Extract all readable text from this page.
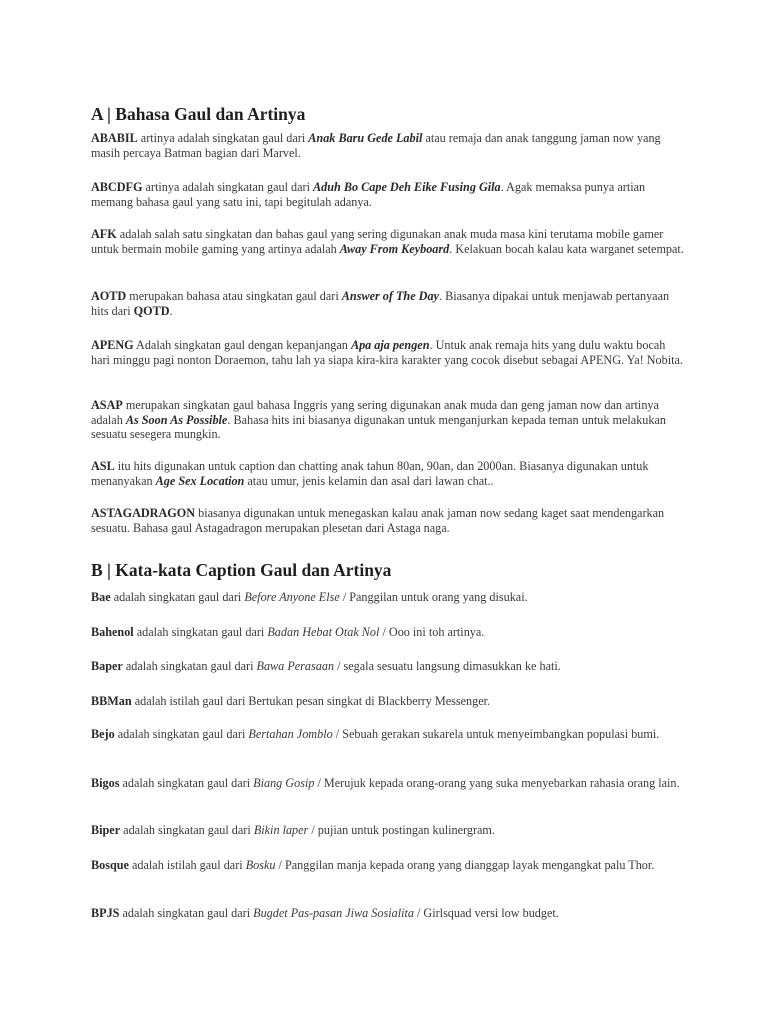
A | Bahasa Gaul dan Artinya

ABABIL artinya adalah singkatan gaul dari Anak Baru Gede Labil atau remaja dan anak tanggung jaman now yang masih percaya Batman bagian dari Marvel.

ABCDFG artinya adalah singkatan gaul dari Aduh Bo Cape Deh Eike Fusing Gila. Agak memaksa punya artian memang bahasa gaul yang satu ini, tapi begitulah adanya.

AFK adalah salah satu singkatan dan bahas gaul yang sering digunakan anak muda masa kini terutama mobile gamer untuk bermain mobile gaming yang artinya adalah Away From Keyboard. Kelakuan bocah kalau kata warganet setempat.

AOTD merupakan bahasa atau singkatan gaul dari Answer of The Day. Biasanya dipakai untuk menjawab pertanyaan hits dari QOTD.

APENG Adalah singkatan gaul dengan kepanjangan Apa aja pengen. Untuk anak remaja hits yang dulu waktu bocah hari minggu pagi nonton Doraemon, tahu lah ya siapa kira-kira karakter yang cocok disebut sebagai APENG. Ya! Nobita.

ASAP merupakan singkatan gaul bahasa Inggris yang sering digunakan anak muda dan geng jaman now dan artinya adalah As Soon As Possible. Bahasa hits ini biasanya digunakan untuk menganjurkan kepada teman untuk melakukan sesuatu sesegera mungkin.

ASL itu hits digunakan untuk caption dan chatting anak tahun 80an, 90an, dan 2000an. Biasanya digunakan untuk menanyakan Age Sex Location atau umur, jenis kelamin dan asal dari lawan chat..

ASTAGADRAGON biasanya digunakan untuk menegaskan kalau anak jaman now sedang kaget saat mendengarkan sesuatu. Bahasa gaul Astagadragon merupakan plesetan dari Astaga naga.

B | Kata-kata Caption Gaul dan Artinya

Bae adalah singkatan gaul dari Before Anyone Else / Panggilan untuk orang yang disukai.

Bahenol adalah singkatan gaul dari Badan Hebat Otak Nol / Ooo ini toh artinya.

Baper adalah singkatan gaul dari Bawa Perasaan / segala sesuatu langsung dimasukkan ke hati.

BBMan adalah istilah gaul dari Bertukan pesan singkat di Blackberry Messenger.

Bejo adalah singkatan gaul dari Bertahan Jomblo / Sebuah gerakan sukarela untuk menyeimbangkan populasi bumi.

Bigos adalah singkatan gaul dari Biang Gosip / Merujuk kepada orang-orang yang suka menyebarkan rahasia orang lain.

Biper adalah singkatan gaul dari Bikin laper / pujian untuk postingan kulinergram.

Bosque adalah istilah gaul dari Bosku / Panggilan manja kepada orang yang dianggap layak mengangkat palu Thor.

BPJS adalah singkatan gaul dari Bugdet Pas-pasan Jiwa Sosialita / Girlsquad versi low budget.
